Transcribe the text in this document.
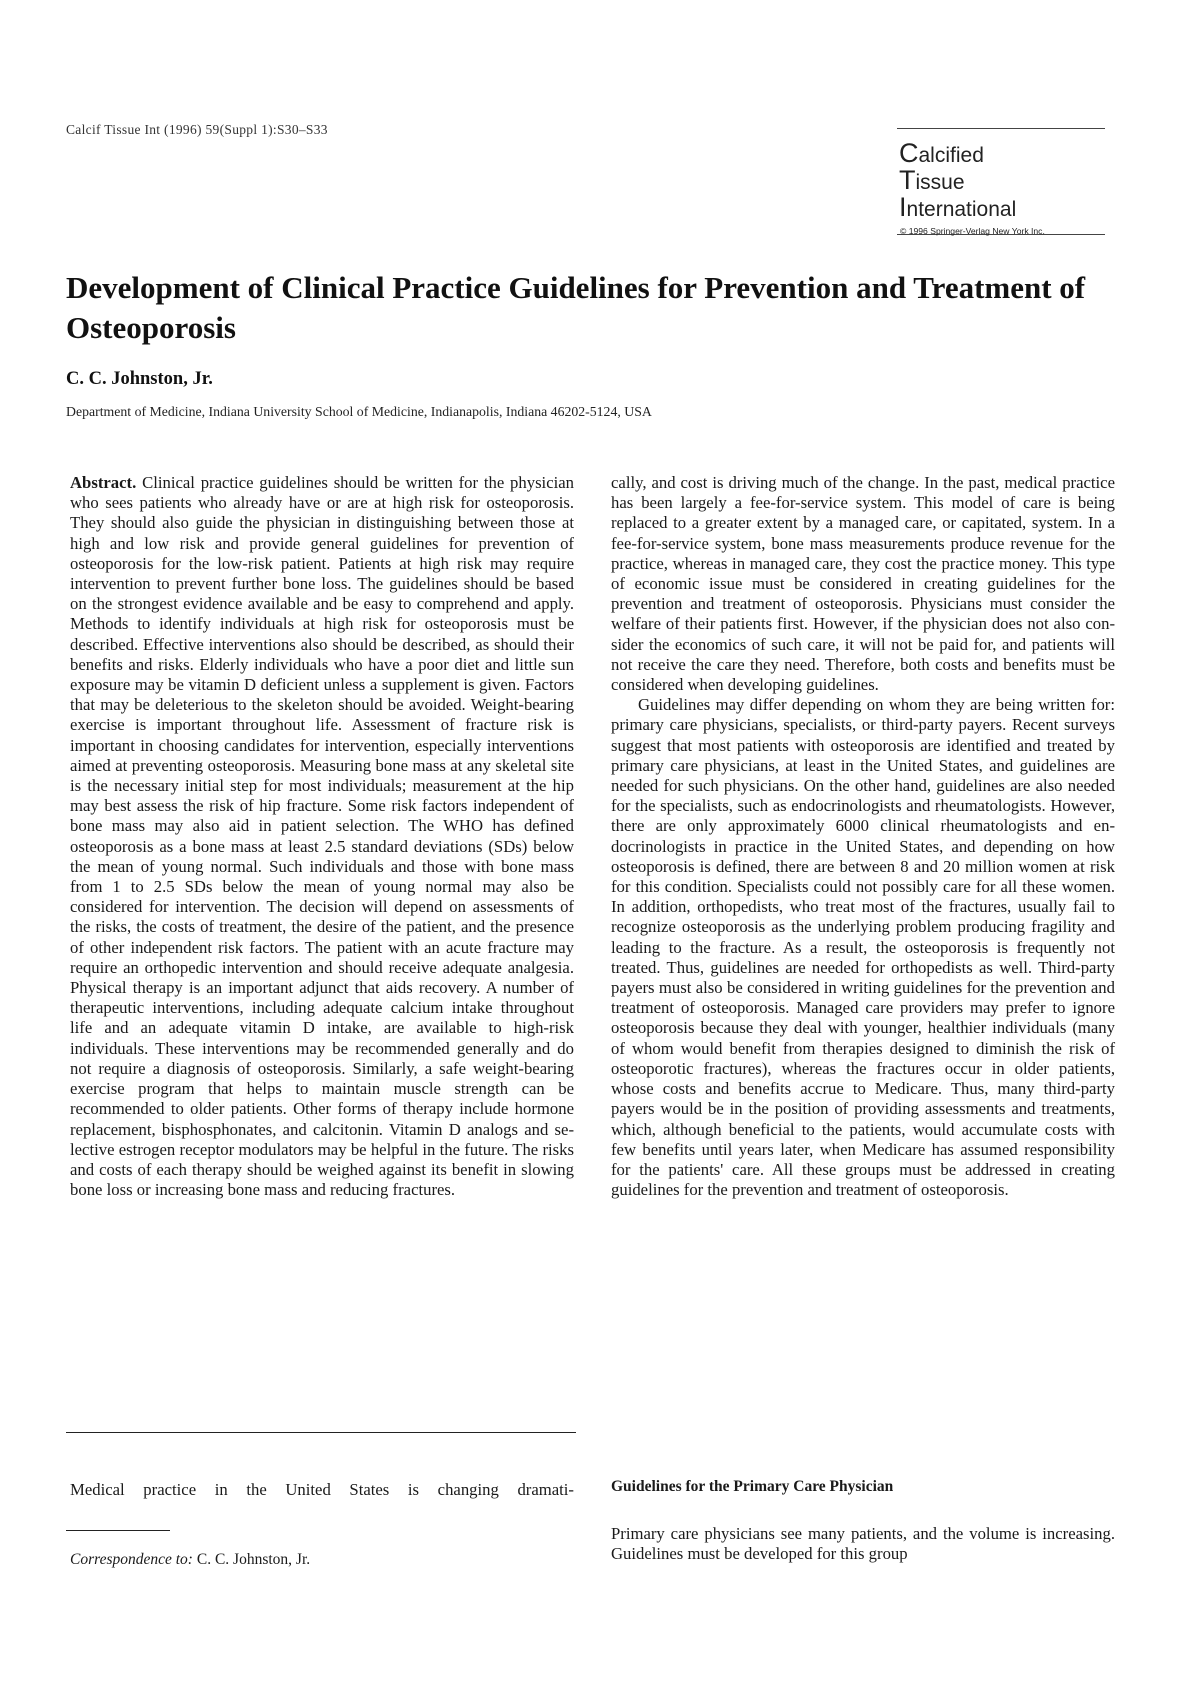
Calcif Tissue Int (1996) 59(Suppl 1):S30–S33
Calcified
Tissue
International
© 1996 Springer-Verlag New York Inc.
Development of Clinical Practice Guidelines for Prevention and Treatment of Osteoporosis
C. C. Johnston, Jr.
Department of Medicine, Indiana University School of Medicine, Indianapolis, Indiana 46202-5124, USA

Abstract. Clinical practice guidelines should be written for the physician who sees patients who already have or are at high risk for osteoporosis. They should also guide the physician in distinguishing between those at high and low risk and provide general guidelines for prevention of osteoporosis for the low-risk patient. Patients at high risk may require intervention to prevent further bone loss. The guidelines should be based on the strongest evidence available and be easy to comprehend and apply. Methods to identify individuals at high risk for osteoporosis must be described. Effective interventions also should be described, as should their benefits and risks. Elderly individuals who have a poor diet and little sun exposure may be vitamin D deficient unless a supplement is given. Factors that may be deleterious to the skeleton should be avoided. Weight-bearing exercise is important throughout life. Assessment of fracture risk is important in choosing candidates for intervention, especially interventions aimed at preventing osteoporosis. Measuring bone mass at any skeletal site is the necessary initial step for most individuals; measurement at the hip may best assess the risk of hip fracture. Some risk factors independent of bone mass may also aid in patient selection. The WHO has defined osteoporosis as a bone mass at least 2.5 standard deviations (SDs) below the mean of young normal. Such individuals and those with bone mass from 1 to 2.5 SDs below the mean of young normal may also be considered for intervention. The decision will depend on assessments of the risks, the costs of treatment, the desire of the patient, and the presence of other independent risk factors. The patient with an acute fracture may require an orthopedic intervention and should receive adequate analgesia. Physical therapy is an important adjunct that aids recovery. A number of therapeutic interventions, including adequate calcium intake throughout life and an adequate vitamin D intake, are available to high-risk individuals. These interventions may be recommended generally and do not require a diagnosis of osteoporosis. Similarly, a safe weight-bearing exercise program that helps to maintain muscle strength can be recommended to older patients. Other forms of therapy include hormone replacement, bisphosphonates, and calcitonin. Vitamin D analogs and selective estrogen receptor modulators may be helpful in the future. The risks and costs of each therapy should be weighed against its benefit in slowing bone loss or increasing bone mass and reducing fractures.

cally, and cost is driving much of the change. In the past, medical practice has been largely a fee-for-service system. This model of care is being replaced to a greater extent by a managed care, or capitated, system. In a fee-for-service system, bone mass measurements produce revenue for the practice, whereas in managed care, they cost the practice money. This type of economic issue must be considered in creating guidelines for the prevention and treatment of osteoporosis. Physicians must consider the welfare of their patients first. However, if the physician does not also consider the economics of such care, it will not be paid for, and patients will not receive the care they need. Therefore, both costs and benefits must be considered when developing guidelines.

Guidelines may differ depending on whom they are being written for: primary care physicians, specialists, or third-party payers. Recent surveys suggest that most patients with osteoporosis are identified and treated by primary care physicians, at least in the United States, and guidelines are needed for such physicians. On the other hand, guidelines are also needed for the specialists, such as endocrinologists and rheumatologists. However, there are only approximately 6000 clinical rheumatologists and endocrinologists in practice in the United States, and depending on how osteoporosis is defined, there are between 8 and 20 million women at risk for this condition. Specialists could not possibly care for all these women. In addition, orthopedists, who treat most of the fractures, usually fail to recognize osteoporosis as the underlying problem producing fragility and leading to the fracture. As a result, the osteoporosis is frequently not treated. Thus, guidelines are needed for orthopedists as well. Third-party payers must also be considered in writing guidelines for the prevention and treatment of osteoporosis. Managed care providers may prefer to ignore osteoporosis because they deal with younger, healthier individuals (many of whom would benefit from therapies designed to diminish the risk of osteoporotic fractures), whereas the fractures occur in older patients, whose costs and benefits accrue to Medicare. Thus, many third-party payers would be in the position of providing assessments and treatments, which, although beneficial to the patients, would accumulate costs with few benefits until years later, when Medicare has assumed responsibility for the patients' care. All these groups must be addressed in creating guidelines for the prevention and treatment of osteoporosis.

Medical practice in the United States is changing dramati-
Correspondence to: C. C. Johnston, Jr.
Guidelines for the Primary Care Physician
Primary care physicians see many patients, and the volume is increasing. Guidelines must be developed for this group
